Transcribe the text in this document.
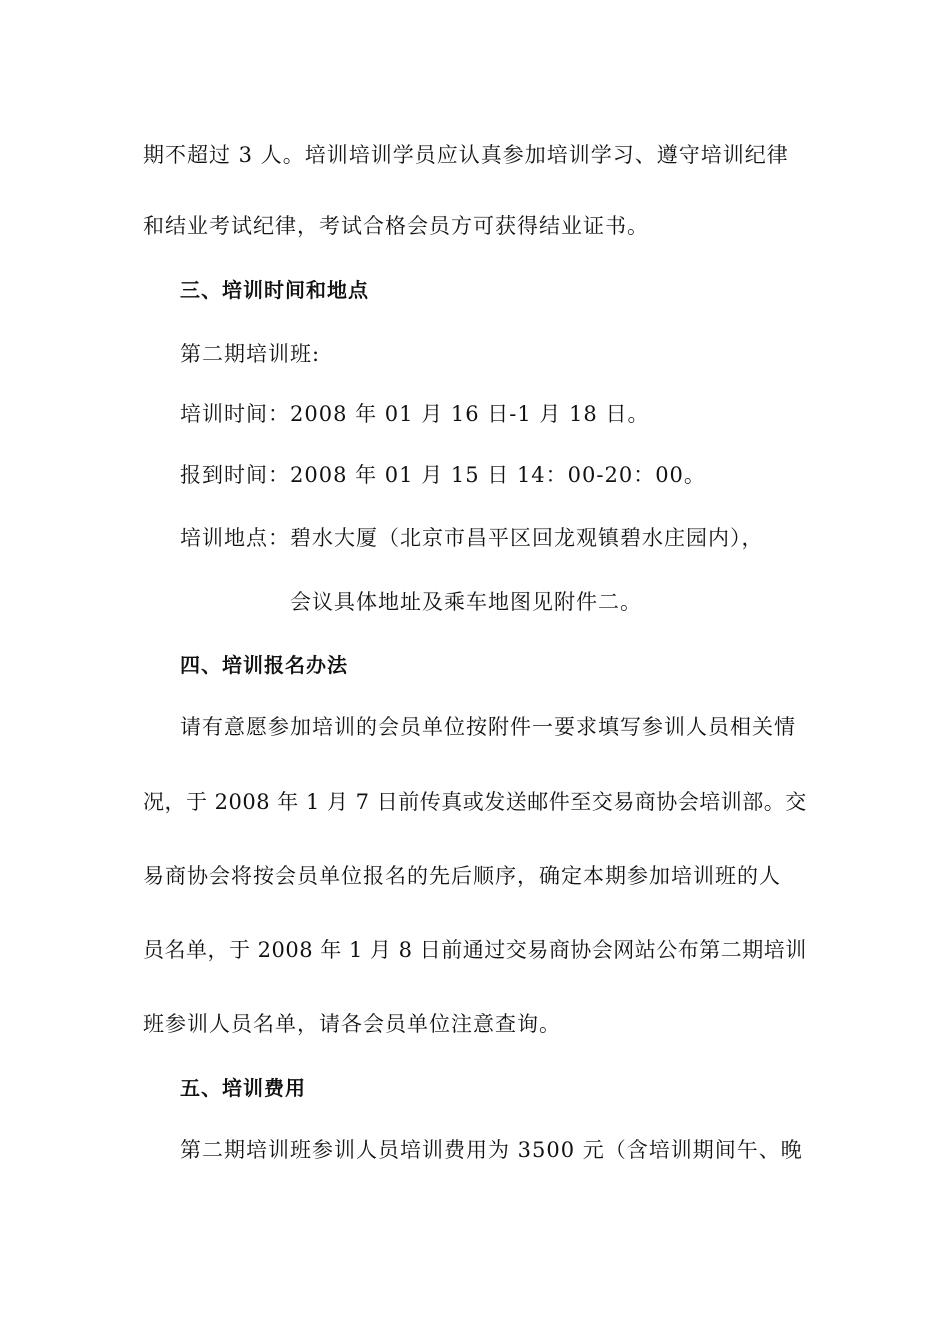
期不超过 3 人。培训培训学员应认真参加培训学习、遵守培训纪律
和结业考试纪律，考试合格会员方可获得结业证书。
三、培训时间和地点
第二期培训班:
培训时间：2008 年 01 月 16 日-1 月 18 日。
报到时间：2008 年 01 月 15 日 14：00-20：00。
培训地点：碧水大厦（北京市昌平区回龙观镇碧水庄园内），
会议具体地址及乘车地图见附件二。
四、培训报名办法
请有意愿参加培训的会员单位按附件一要求填写参训人员相关情
况，于 2008 年 1 月 7 日前传真或发送邮件至交易商协会培训部。交
易商协会将按会员单位报名的先后顺序，确定本期参加培训班的人
员名单，于 2008 年 1 月 8 日前通过交易商协会网站公布第二期培训
班参训人员名单，请各会员单位注意查询。
五、培训费用
第二期培训班参训人员培训费用为 3500 元（含培训期间午、晚
